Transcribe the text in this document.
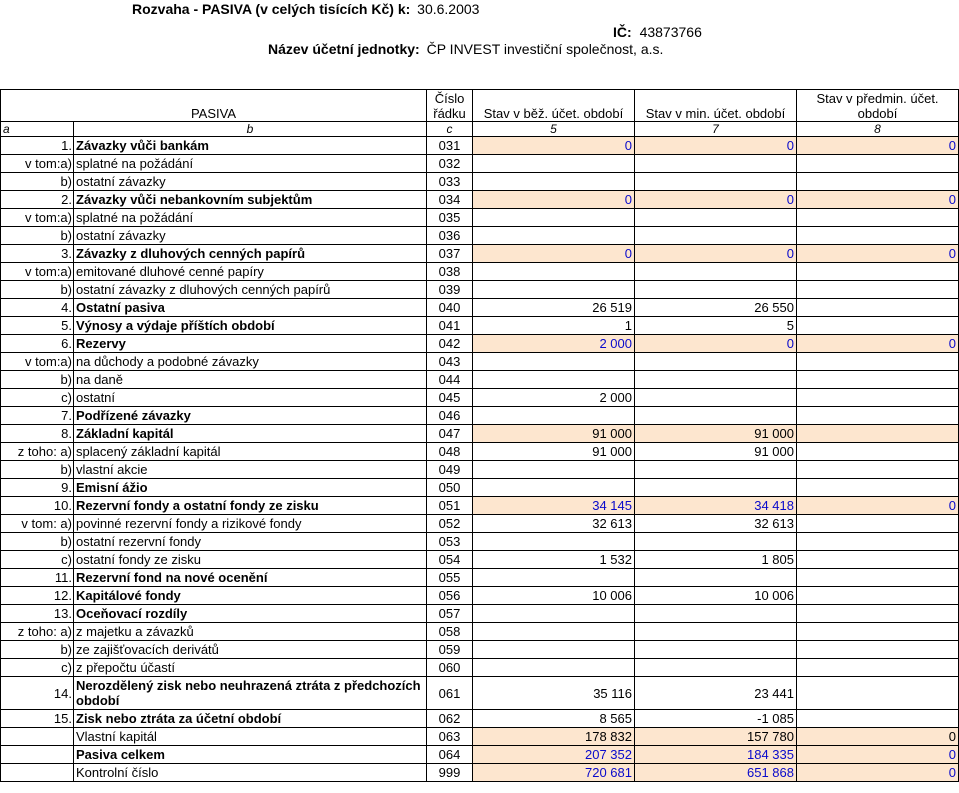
Rozvaha - PASIVA (v celých tisících Kč) k: 30.6.2003
IČ: 43873766
Název účetní jednotky: ČP INVEST investiční společnost, a.s.
PASIVA		Číslo řádku	Stav v běž. účet. období	Stav v min. účet. období	Stav v předmin. účet. období
a	b	c	5	7	8
1.	Závazky vůči bankám	031	0	0	0
v tom:a)	splatné na požádání	032			
b)	ostatní závazky	033			
2.	Závazky vůči nebankovním subjektům	034	0	0	0
v tom:a)	splatné na požádání	035			
b)	ostatní závazky	036			
3.	Závazky z dluhových cenných papírů	037	0	0	0
v tom:a)	emitované dluhové cenné papíry	038			
b)	ostatní závazky z dluhových cenných papírů	039			
4.	Ostatní pasiva	040	26 519	26 550	
5.	Výnosy a výdaje příštích období	041	1	5	
6.	Rezervy	042	2 000	0	0
v tom:a)	na důchody a podobné závazky	043			
b)	na daně	044			
c)	ostatní	045	2 000		
7.	Podřízené závazky	046			
8.	Základní kapitál	047	91 000	91 000	
z toho: a)	splacený základní kapitál	048	91 000	91 000	
b)	vlastní akcie	049			
9.	Emisní ážio	050			
10.	Rezervní fondy a ostatní fondy ze zisku	051	34 145	34 418	0
v tom: a)	povinné rezervní fondy a rizikové fondy	052	32 613	32 613	
b)	ostatní rezervní fondy	053			
c)	ostatní fondy ze zisku	054	1 532	1 805	
11.	Rezervní fond na nové ocenění	055			
12.	Kapitálové fondy	056	10 006	10 006	
13.	Oceňovací rozdíly	057			
z toho: a)	z majetku a závazků	058			
b)	ze zajišťovacích derivátů	059			
c)	z přepočtu účastí	060			
14.	Nerozdělený zisk nebo neuhrazená ztráta z předchozích období	061	35 116	23 441	
15.	Zisk nebo ztráta za účetní období	062	8 565	-1 085	
	Vlastní kapitál	063	178 832	157 780	0
	Pasiva celkem	064	207 352	184 335	0
	Kontrolní číslo	999	720 681	651 868	0
